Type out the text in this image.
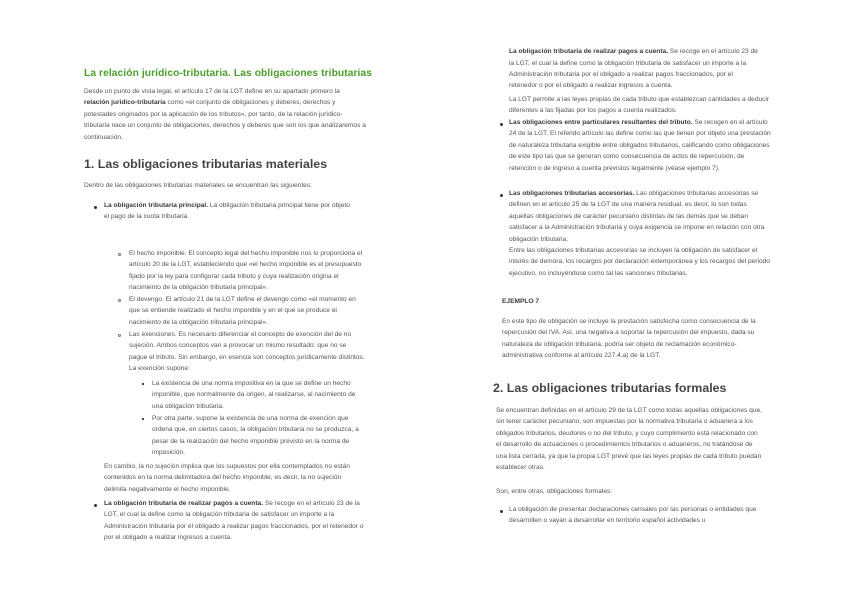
La relación jurídico-tributaria. Las obligaciones tributarias
Desde un punto de vista legal, el artículo 17 de la LGT define en su apartado primero la relación jurídico-tributaria como «el conjunto de obligaciones y deberes, derechos y potestades originados por la aplicación de los tributos», por tanto, de la relación jurídico-tributaria nace un conjunto de obligaciones, derechos y deberes que son los que analizaremos a continuación.
1. Las obligaciones tributarias materiales
Dentro de las obligaciones tributarias materiales se encuentran las siguientes:
La obligación tributaria principal. La obligación tributaria principal tiene por objeto el pago de la cuota tributaria.
El hecho imponible. El concepto legal del hecho imponible nos lo proporciona el artículo 20 de la LGT, estableciendo que «el hecho imponible es el presupuesto fijado por la ley para configurar cada tributo y cuya realización origina el nacimiento de la obligación tributaria principal».
El devengo. El artículo 21 de la LGT define el devengo como «el momento en que se entiende realizado el hecho imponible y en el que se produce el nacimiento de la obligación tributaria principal».
Las exenciones. Es necesario diferenciar el concepto de exención del de no sujeción. Ambos conceptos van a provocar un mismo resultado: que no se pague el tributo. Sin embargo, en esencia son conceptos jurídicamente distintos. La exención supone:
La existencia de una norma impositiva en la que se define un hecho imponible, que normalmente da origen, al realizarse, al nacimiento de una obligación tributaria.
Por otra parte, supone la existencia de una norma de exención que ordena que, en ciertos casos, la obligación tributaria no se produzca, a pesar de la realización del hecho imponible previsto en la norma de imposición.
En cambio, la no sujeción implica que los supuestos por ella contemplados no están contenidos en la norma delimitadora del hecho imponible, es decir, la no sujeción delimita negativamente el hecho imponible.
La obligación tributaria de realizar pagos a cuenta. Se recoge en el artículo 23 de la LGT, el cual la define como la obligación tributaria de satisfacer un importe a la Administración tributaria por el obligado a realizar pagos fraccionados, por el retenedor o por el obligado a realizar ingresos a cuenta.
La obligación tributaria de realizar pagos a cuenta. Se recoge en el artículo 23 de la LGT, el cual la define como la obligación tributaria de satisfacer un importe a la Administración tributaria por el obligado a realizar pagos fraccionados, por el retenedor o por el obligado a realizar ingresos a cuenta.
La LGT permite a las leyes propias de cada tributo que establezcan cantidades a deducir diferentes a las fijadas por los pagos a cuenta realizados.
Las obligaciones entre particulares resultantes del tributo. Se recogen en el artículo 24 de la LGT. El referido artículo las define como las que tienen por objeto una prestación de naturaleza tributaria exigible entre obligados tributarios, calificando como obligaciones de este tipo las que se generan como consecuencia de actos de repercusión, de retención o de ingreso a cuenta previstos legalmente (véase ejemplo 7).
Las obligaciones tributarias accesorias. Las obligaciones tributarias accesorias se definen en el artículo 25 de la LGT de una manera residual, es decir, lo son todas aquellas obligaciones de carácter pecuniario distintas de las demás que se deban satisfacer a la Administración tributaria y cuya exigencia se impone en relación con otra obligación tributaria.
Entre las obligaciones tributarias accesorias se incluyen la obligación de satisfacer el interés de demora, los recargos por declaración extemporánea y los recargos del periodo ejecutivo, no incluyéndose como tal las sanciones tributarias.
EJEMPLO 7
En este tipo de obligación se incluye la prestación satisfecha como consecuencia de la repercusión del IVA. Así, una negativa a soportar la repercusión del impuesto, dada su naturaleza de obligación tributaria, podría ser objeto de reclamación económico-administrativa conforme al artículo 227.4.a) de la LGT.
2. Las obligaciones tributarias formales
Se encuentran definidas en el artículo 29 de la LGT como todas aquellas obligaciones que, sin tener carácter pecuniario, son impuestas por la normativa tributaria o aduanera a los obligados tributarios, deudores o no del tributo, y cuyo cumplimiento está relacionado con el desarrollo de actuaciones o procedimientos tributarios o aduaneros, no tratándose de una lista cerrada, ya que la propia LGT prevé que las leyes propias de cada tributo puedan establecer otras.
Son, entre otras, obligaciones formales:
La obligación de presentar declaraciones censales por las personas o entidades que desarrollen o vayan a desarrollar en territorio español actividades u
